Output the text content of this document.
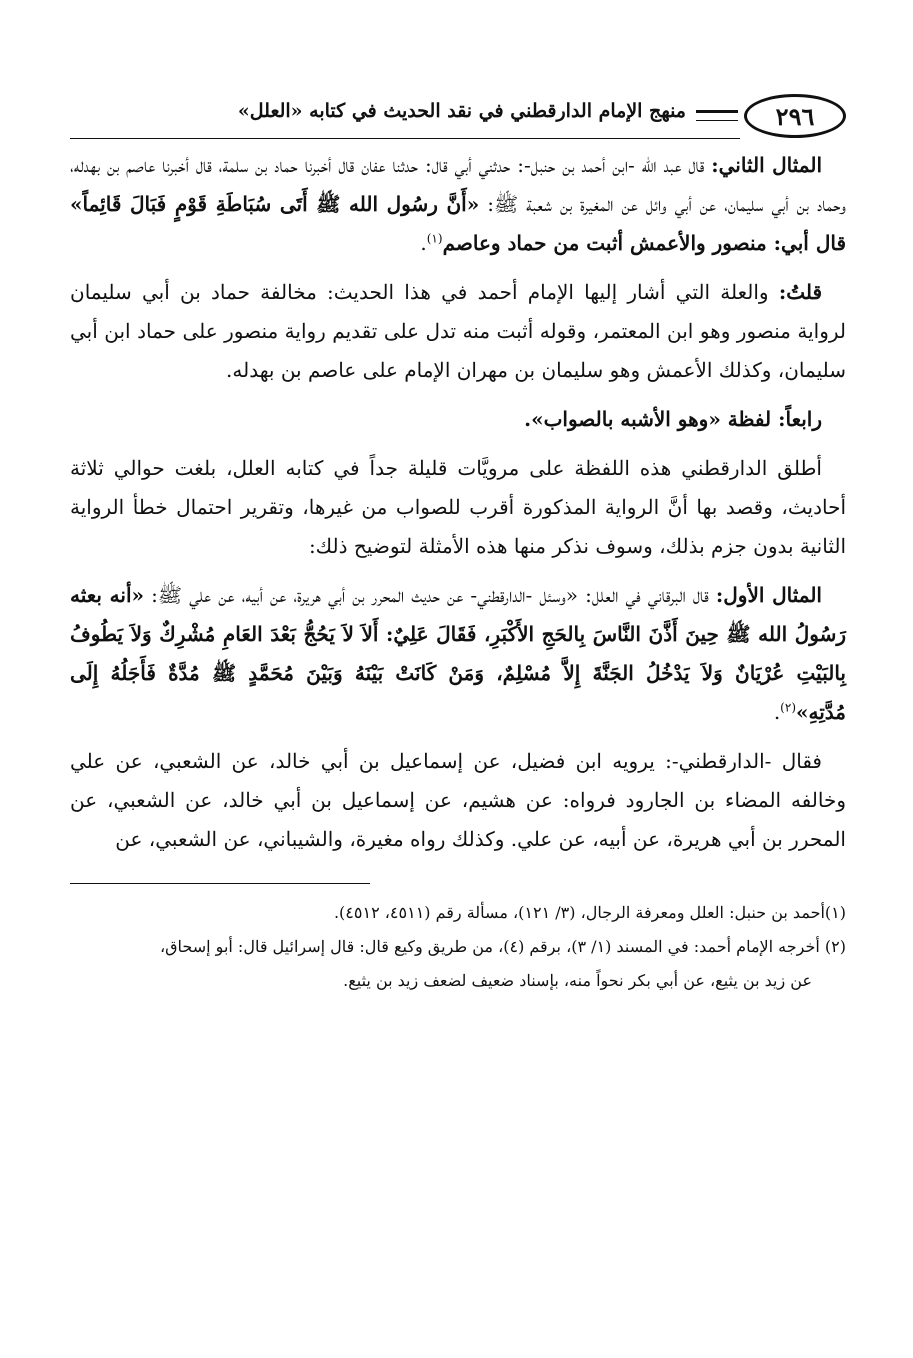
٢٩٦
منهج الإمام الدارقطني في نقد الحديث في كتابه «العلل»

المثال الثاني: قال عبد الله -ابن أحمد بن حنبل-: حدثني أبي قال: حدثنا عفان قال أخبرنا حماد بن سلمة، قال أخبرنا عاصم بن بهدله، وحماد بن أبي سليمان، عن أبي وائل عن المغيرة بن شعبة ﷺ: «أَنَّ رسُول الله ﷺ أَتَى سُبَاطَةِ قَوْمٍ فَبَالَ قَائِماً» قال أبي: منصور والأعمش أثبت من حماد وعاصم$^{(١)}$.

قلتُ: والعلة التي أشار إليها الإمام أحمد في هذا الحديث: مخالفة حماد بن أبي سليمان لرواية منصور وهو ابن المعتمر، وقوله أثبت منه تدل على تقديم رواية منصور على حماد ابن أبي سليمان، وكذلك الأعمش وهو سليمان بن مهران الإمام على عاصم بن بهدله.

رابعاً: لفظة «وهو الأشبه بالصواب».

أطلق الدارقطني هذه اللفظة على مرويَّات قليلة جداً في كتابه العلل، بلغت حوالي ثلاثة أحاديث، وقصد بها أنَّ الرواية المذكورة أقرب للصواب من غيرها، وتقرير احتمال خطأ الرواية الثانية بدون جزم بذلك، وسوف نذكر منها هذه الأمثلة لتوضيح ذلك:

المثال الأول: قال البرقاني في العلل: «وسئل -الدارقطني- عن حديث المحرر بن أبي هريرة، عن أبيه، عن علي ﷺ: «أنه بعثه رَسُولُ الله ﷺ حِينَ أَذَّنَ النَّاسَ بِالحَجِ الأَكْبَرِ، فَقَالَ عَلِيٌ: أَلاَ لاَ يَحُجُّ بَعْدَ العَامِ مُشْرِكٌ وَلاَ يَطُوفُ بِالبَيْتِ عُرْيَانٌ وَلاَ يَدْخُلُ الجَنَّةَ إِلاَّ مُسْلِمٌ، وَمَنْ كَانَتْ بَيْنَهُ وَبَيْنَ مُحَمَّدٍ ﷺ مُدَّةٌ فَأَجَلُهُ إِلَى مُدَّتِهِ»$^{(٢)}$.

فقال -الدارقطني-: يرويه ابن فضيل، عن إسماعيل بن أبي خالد، عن الشعبي، عن علي وخالفه المضاء بن الجارود فرواه: عن هشيم، عن إسماعيل بن أبي خالد، عن الشعبي، عن المحرر بن أبي هريرة، عن أبيه، عن علي. وكذلك رواه مغيرة، والشيباني، عن الشعبي، عن

(١)أحمد بن حنبل: العلل ومعرفة الرجال، (٣/ ١٢١)، مسألة رقم (٤٥١١، ٤٥١٢).

(٢) أخرجه الإمام أحمد: في المسند (١/ ٣)، برقم (٤)، من طريق وكيع قال: قال إسرائيل قال: أبو إسحاق،

عن زيد بن يثيع، عن أبي بكر نحواً منه، بإسناد ضعيف لضعف زيد بن يثيع.
